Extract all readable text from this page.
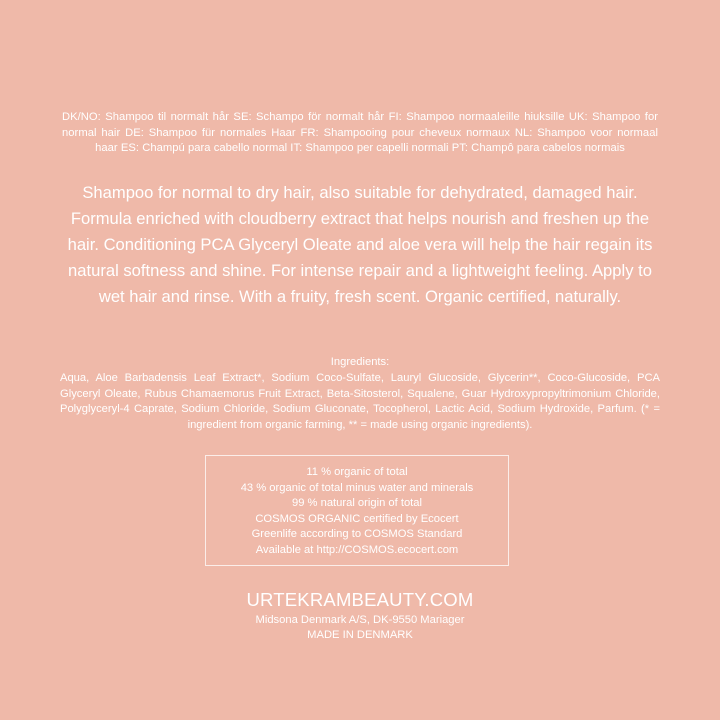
DK/NO: Shampoo til normalt hår SE: Schampo för normalt hår FI: Shampoo normaaleille hiuksille UK: Shampoo for normal hair DE: Shampoo für normales Haar FR: Shampooing pour cheveux normaux NL: Shampoo voor normaal haar ES: Champú para cabello normal IT: Shampoo per capelli normali PT: Champô para cabelos normais
Shampoo for normal to dry hair, also suitable for dehydrated, damaged hair. Formula enriched with cloudberry extract that helps nourish and freshen up the hair. Conditioning PCA Glyceryl Oleate and aloe vera will help the hair regain its natural softness and shine. For intense repair and a lightweight feeling. Apply to wet hair and rinse. With a fruity, fresh scent. Organic certified, naturally.
Ingredients:
Aqua, Aloe Barbadensis Leaf Extract*, Sodium Coco-Sulfate, Lauryl Glucoside, Glycerin**, Coco-Glucoside, PCA Glyceryl Oleate, Rubus Chamaemorus Fruit Extract, Beta-Sitosterol, Squalene, Guar Hydroxypropyltrimonium Chloride, Polyglyceryl-4 Caprate, Sodium Chloride, Sodium Gluconate, Tocopherol, Lactic Acid, Sodium Hydroxide, Parfum. (* = ingredient from organic farming, ** = made using organic ingredients).
11 % organic of total
43 % organic of total minus water and minerals
99 % natural origin of total
COSMOS ORGANIC certified by Ecocert
Greenlife according to COSMOS Standard
Available at http://COSMOS.ecocert.com
URTEKRAMBEAUTY.COM
Midsona Denmark A/S, DK-9550 Mariager
MADE IN DENMARK
